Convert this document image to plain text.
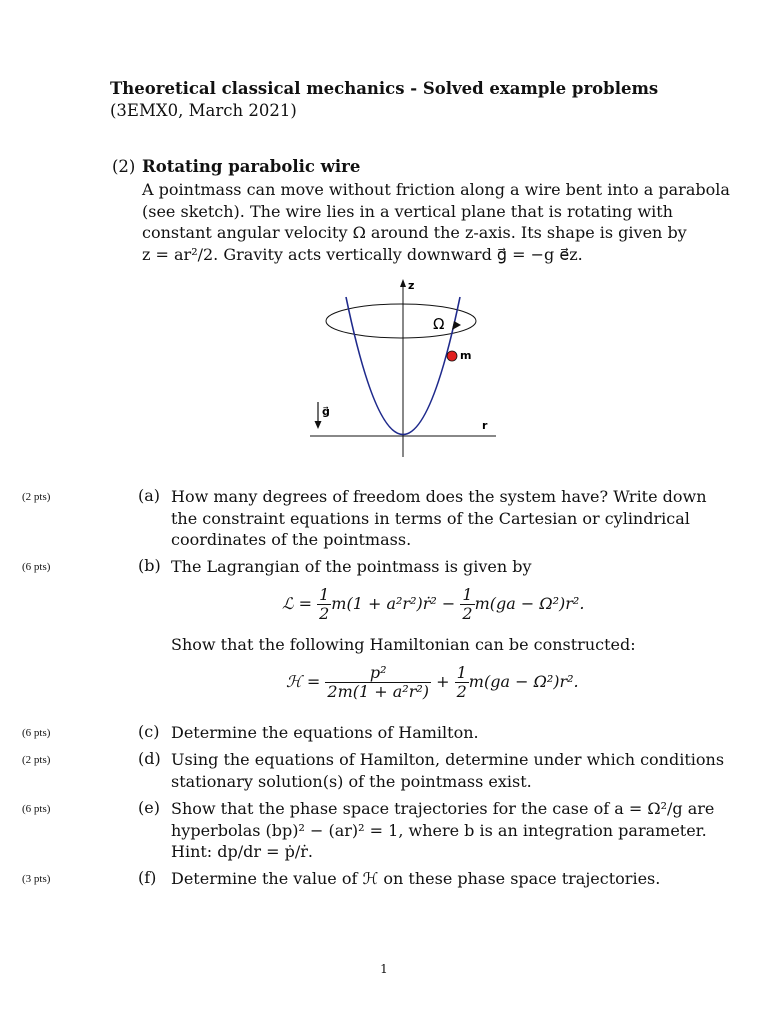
Theoretical classical mechanics - Solved example problems
(3EMX0, March 2021)
(2) Rotating parabolic wire
A pointmass can move without friction along a wire bent into a parabola
(see sketch). The wire lies in a vertical plane that is rotating with
constant angular velocity Ω around the z-axis. Its shape is given by
z = ar²/2. Gravity acts vertically downward g⃗ = −g e⃗z.
z
r
Ω
m
g⃗
(2 pts)	(a) How many degrees of freedom does the system have? Write down
the constraint equations in terms of the Cartesian or cylindrical
coordinates of the pointmass.
(6 pts)	(b) The Lagrangian of the pointmass is given by
ℒ = $\frac{1}{2} m(1$ + a²r²)ṙ² − $\frac{1}{2} m(ga - \Omega^2)r^2$.
Show that the following Hamiltonian can be constructed:
ℋ = $\frac{\text{p²}}{\text{2m(1 + a²r²)}} + \frac{1}{2} m(ga - \Omega^2)r^2$.
(6 pts)	(c) Determine the equations of Hamilton.
(2 pts)	(d) Using the equations of Hamilton, determine under which conditions
stationary solution(s) of the pointmass exist.
(6 pts)	(e) Show that the phase space trajectories for the case of a = Ω²/g are
hyperbolas (bp)² − (ar)² = 1, where b is an integration parameter.
Hint: dp/dr = ṗ/ṙ.
(3 pts)	(f) Determine the value of ℋ on these phase space trajectories.
1
